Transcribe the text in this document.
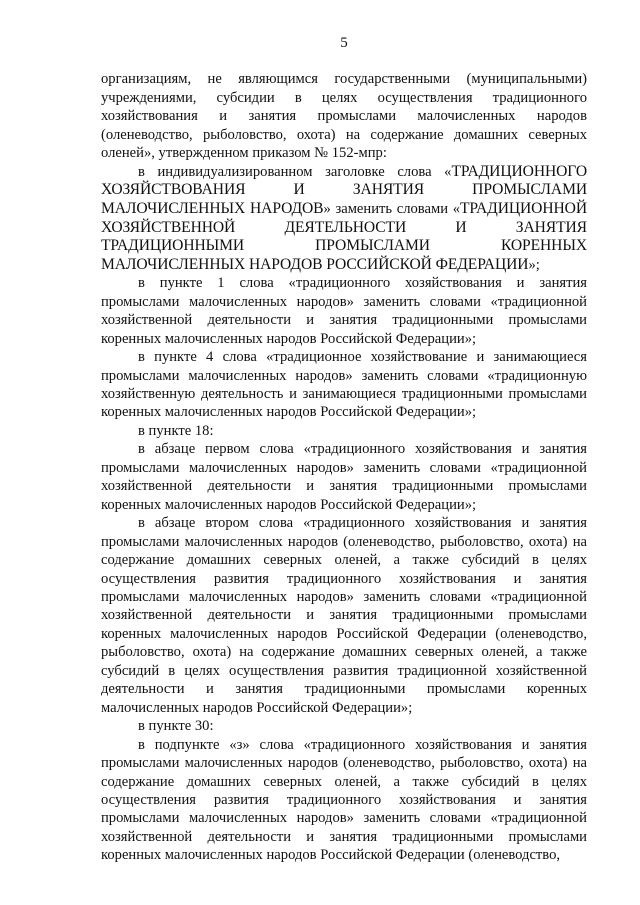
5

организациям, не являющимся государственными (муниципальными) учреждениями, субсидии в целях осуществления традиционного хозяйствования и занятия промыслами малочисленных народов (оленеводство, рыболовство, охота) на содержание домашних северных оленей», утвержденном приказом № 152-мпр:

в индивидуализированном заголовке слова «ТРАДИЦИОННОГО ХОЗЯЙСТВОВАНИЯ И ЗАНЯТИЯ ПРОМЫСЛАМИ МАЛОЧИСЛЕННЫХ НАРОДОВ» заменить словами «ТРАДИЦИОННОЙ ХОЗЯЙСТВЕННОЙ ДЕЯТЕЛЬНОСТИ И ЗАНЯТИЯ ТРАДИЦИОННЫМИ ПРОМЫСЛАМИ КОРЕННЫХ МАЛОЧИСЛЕННЫХ НАРОДОВ РОССИЙСКОЙ ФЕДЕРАЦИИ»;

в пункте 1 слова «традиционного хозяйствования и занятия промыслами малочисленных народов» заменить словами «традиционной хозяйственной деятельности и занятия традиционными промыслами коренных малочисленных народов Российской Федерации»;

в пункте 4 слова «традиционное хозяйствование и занимающиеся промыслами малочисленных народов» заменить словами «традиционную хозяйственную деятельность и занимающиеся традиционными промыслами коренных малочисленных народов Российской Федерации»;

в пункте 18:

в абзаце первом слова «традиционного хозяйствования и занятия промыслами малочисленных народов» заменить словами «традиционной хозяйственной деятельности и занятия традиционными промыслами коренных малочисленных народов Российской Федерации»;

в абзаце втором слова «традиционного хозяйствования и занятия промыслами малочисленных народов (оленеводство, рыболовство, охота) на содержание домашних северных оленей, а также субсидий в целях осуществления развития традиционного хозяйствования и занятия промыслами малочисленных народов» заменить словами «традиционной хозяйственной деятельности и занятия традиционными промыслами коренных малочисленных народов Российской Федерации (оленеводство, рыболовство, охота) на содержание домашних северных оленей, а также субсидий в целях осуществления развития традиционной хозяйственной деятельности и занятия традиционными промыслами коренных малочисленных народов Российской Федерации»;

в пункте 30:

в подпункте «з» слова «традиционного хозяйствования и занятия промыслами малочисленных народов (оленеводство, рыболовство, охота) на содержание домашних северных оленей, а также субсидий в целях осуществления развития традиционного хозяйствования и занятия промыслами малочисленных народов» заменить словами «традиционной хозяйственной деятельности и занятия традиционными промыслами коренных малочисленных народов Российской Федерации (оленеводство,
